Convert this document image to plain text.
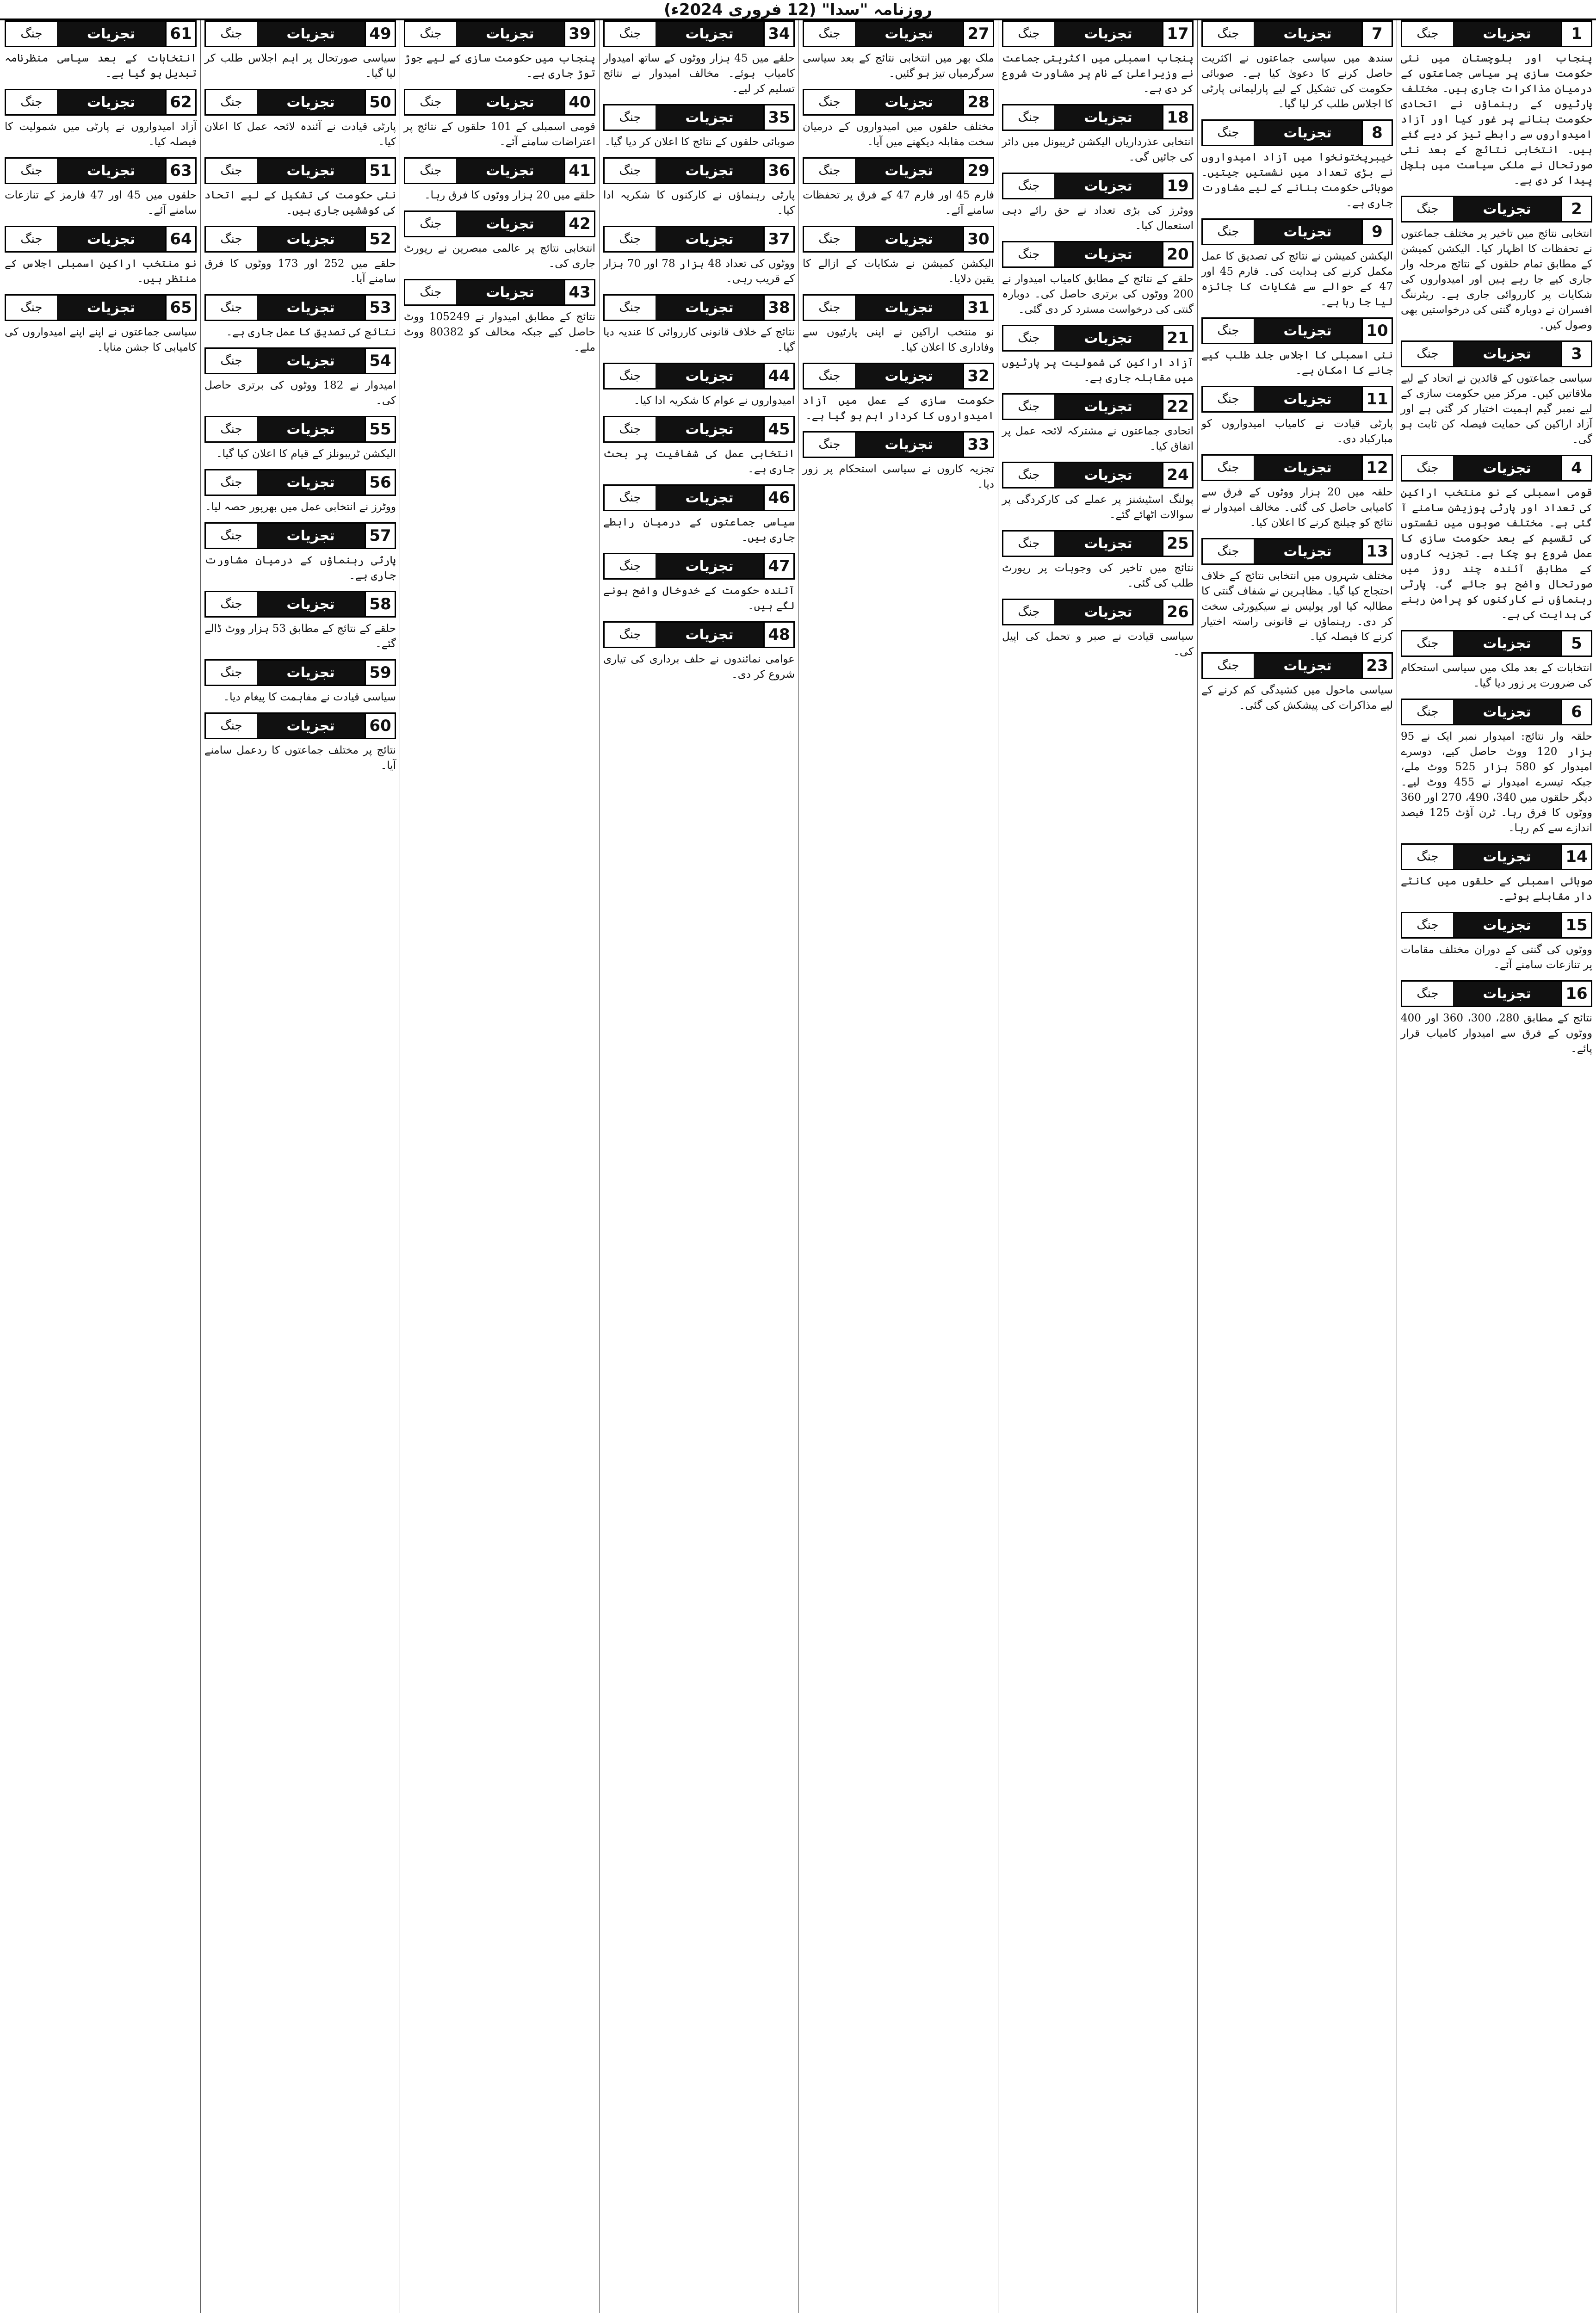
روزنامہ "سدا" (12 فروری 2024ء)
1
تجزیات
جنگ

پنجاب اور بلوچستان میں نئی حکومت سازی پر سیاسی جماعتوں کے درمیان مذاکرات جاری ہیں۔ مختلف پارٹیوں کے رہنماؤں نے اتحادی حکومت بنانے پر غور کیا اور آزاد امیدواروں سے رابطے تیز کر دیے گئے ہیں۔ انتخابی نتائج کے بعد نئی صورتحال نے ملکی سیاست میں ہلچل پیدا کر دی ہے۔

2
تجزیات
جنگ

انتخابی نتائج میں تاخیر پر مختلف جماعتوں نے تحفظات کا اظہار کیا۔ الیکشن کمیشن کے مطابق تمام حلقوں کے نتائج مرحلہ وار جاری کیے جا رہے ہیں اور امیدواروں کی شکایات پر کارروائی جاری ہے۔ ریٹرننگ افسران نے دوبارہ گنتی کی درخواستیں بھی وصول کیں۔

3
تجزیات
جنگ

سیاسی جماعتوں کے قائدین نے اتحاد کے لیے ملاقاتیں کیں۔ مرکز میں حکومت سازی کے لیے نمبر گیم اہمیت اختیار کر گئی ہے اور آزاد اراکین کی حمایت فیصلہ کن ثابت ہو گی۔

4
تجزیات
جنگ

قومی اسمبلی کے نو منتخب اراکین کی تعداد اور پارٹی پوزیشن سامنے آ گئی ہے۔ مختلف صوبوں میں نشستوں کی تقسیم کے بعد حکومت سازی کا عمل شروع ہو چکا ہے۔ تجزیہ کاروں کے مطابق آئندہ چند روز میں صورتحال واضح ہو جائے گی۔ پارٹی رہنماؤں نے کارکنوں کو پرامن رہنے کی ہدایت کی ہے۔

5
تجزیات
جنگ

انتخابات کے بعد ملک میں سیاسی استحکام کی ضرورت پر زور دیا گیا۔

6
تجزیات
جنگ

حلقہ وار نتائج: امیدوار نمبر ایک نے 95 ہزار 120 ووٹ حاصل کیے، دوسرے امیدوار کو 580 ہزار 525 ووٹ ملے، جبکہ تیسرے امیدوار نے 455 ووٹ لیے۔ دیگر حلقوں میں 340، 490، 270 اور 360 ووٹوں کا فرق رہا۔ ٹرن آؤٹ 125 فیصد اندازے سے کم رہا۔

14
تجزیات
جنگ

صوبائی اسمبلی کے حلقوں میں کانٹے دار مقابلے ہوئے۔

15
تجزیات
جنگ

ووٹوں کی گنتی کے دوران مختلف مقامات پر تنازعات سامنے آئے۔

16
تجزیات
جنگ

نتائج کے مطابق 280، 300، 360 اور 400 ووٹوں کے فرق سے امیدوار کامیاب قرار پائے۔

7
تجزیات
جنگ

سندھ میں سیاسی جماعتوں نے اکثریت حاصل کرنے کا دعویٰ کیا ہے۔ صوبائی حکومت کی تشکیل کے لیے پارلیمانی پارٹی کا اجلاس طلب کر لیا گیا۔

8
تجزیات
جنگ

خیبرپختونخوا میں آزاد امیدواروں نے بڑی تعداد میں نشستیں جیتیں۔ صوبائی حکومت بنانے کے لیے مشاورت جاری ہے۔

9
تجزیات
جنگ

الیکشن کمیشن نے نتائج کی تصدیق کا عمل مکمل کرنے کی ہدایت کی۔ فارم 45 اور 47 کے حوالے سے شکایات کا جائزہ لیا جا رہا ہے۔

10
تجزیات
جنگ

نئی اسمبلی کا اجلاس جلد طلب کیے جانے کا امکان ہے۔

11
تجزیات
جنگ

پارٹی قیادت نے کامیاب امیدواروں کو مبارکباد دی۔

12
تجزیات
جنگ

حلقہ میں 20 ہزار ووٹوں کے فرق سے کامیابی حاصل کی گئی۔ مخالف امیدوار نے نتائج کو چیلنج کرنے کا اعلان کیا۔

13
تجزیات
جنگ

مختلف شہروں میں انتخابی نتائج کے خلاف احتجاج کیا گیا۔ مظاہرین نے شفاف گنتی کا مطالبہ کیا اور پولیس نے سیکیورٹی سخت کر دی۔ رہنماؤں نے قانونی راستہ اختیار کرنے کا فیصلہ کیا۔

23
تجزیات
جنگ

سیاسی ماحول میں کشیدگی کم کرنے کے لیے مذاکرات کی پیشکش کی گئی۔

17
تجزیات
جنگ

پنجاب اسمبلی میں اکثریتی جماعت نے وزیراعلیٰ کے نام پر مشاورت شروع کر دی ہے۔

18
تجزیات
جنگ

انتخابی عذرداریاں الیکشن ٹریبونل میں دائر کی جائیں گی۔

19
تجزیات
جنگ

ووٹرز کی بڑی تعداد نے حق رائے دہی استعمال کیا۔

20
تجزیات
جنگ

حلقے کے نتائج کے مطابق کامیاب امیدوار نے 200 ووٹوں کی برتری حاصل کی۔ دوبارہ گنتی کی درخواست مسترد کر دی گئی۔

21
تجزیات
جنگ

آزاد اراکین کی شمولیت پر پارٹیوں میں مقابلہ جاری ہے۔

22
تجزیات
جنگ

اتحادی جماعتوں نے مشترکہ لائحہ عمل پر اتفاق کیا۔

24
تجزیات
جنگ

پولنگ اسٹیشنز پر عملے کی کارکردگی پر سوالات اٹھائے گئے۔

25
تجزیات
جنگ

نتائج میں تاخیر کی وجوہات پر رپورٹ طلب کی گئی۔

26
تجزیات
جنگ

سیاسی قیادت نے صبر و تحمل کی اپیل کی۔

27
تجزیات
جنگ

ملک بھر میں انتخابی نتائج کے بعد سیاسی سرگرمیاں تیز ہو گئیں۔

28
تجزیات
جنگ

مختلف حلقوں میں امیدواروں کے درمیان سخت مقابلہ دیکھنے میں آیا۔

29
تجزیات
جنگ

فارم 45 اور فارم 47 کے فرق پر تحفظات سامنے آئے۔

30
تجزیات
جنگ

الیکشن کمیشن نے شکایات کے ازالے کا یقین دلایا۔

31
تجزیات
جنگ

نو منتخب اراکین نے اپنی پارٹیوں سے وفاداری کا اعلان کیا۔

32
تجزیات
جنگ

حکومت سازی کے عمل میں آزاد امیدواروں کا کردار اہم ہو گیا ہے۔

33
تجزیات
جنگ

تجزیہ کاروں نے سیاسی استحکام پر زور دیا۔

34
تجزیات
جنگ

حلقے میں 45 ہزار ووٹوں کے ساتھ امیدوار کامیاب ہوئے۔ مخالف امیدوار نے نتائج تسلیم کر لیے۔

35
تجزیات
جنگ

صوبائی حلقوں کے نتائج کا اعلان کر دیا گیا۔

36
تجزیات
جنگ

پارٹی رہنماؤں نے کارکنوں کا شکریہ ادا کیا۔

37
تجزیات
جنگ

ووٹوں کی تعداد 48 ہزار 78 اور 70 ہزار کے قریب رہی۔

38
تجزیات
جنگ

نتائج کے خلاف قانونی کارروائی کا عندیہ دیا گیا۔

44
تجزیات
جنگ

امیدواروں نے عوام کا شکریہ ادا کیا۔

45
تجزیات
جنگ

انتخابی عمل کی شفافیت پر بحث جاری ہے۔

46
تجزیات
جنگ

سیاسی جماعتوں کے درمیان رابطے جاری ہیں۔

47
تجزیات
جنگ

آئندہ حکومت کے خدوخال واضح ہونے لگے ہیں۔

48
تجزیات
جنگ

عوامی نمائندوں نے حلف برداری کی تیاری شروع کر دی۔

39
تجزیات
جنگ

پنجاب میں حکومت سازی کے لیے جوڑ توڑ جاری ہے۔

40
تجزیات
جنگ

قومی اسمبلی کے 101 حلقوں کے نتائج پر اعتراضات سامنے آئے۔

41
تجزیات
جنگ

حلقے میں 20 ہزار ووٹوں کا فرق رہا۔

42
تجزیات
جنگ

انتخابی نتائج پر عالمی مبصرین نے رپورٹ جاری کی۔

43
تجزیات
جنگ

نتائج کے مطابق امیدوار نے 105249 ووٹ حاصل کیے جبکہ مخالف کو 80382 ووٹ ملے۔

49
تجزیات
جنگ

سیاسی صورتحال پر اہم اجلاس طلب کر لیا گیا۔

50
تجزیات
جنگ

پارٹی قیادت نے آئندہ لائحہ عمل کا اعلان کیا۔

51
تجزیات
جنگ

نئی حکومت کی تشکیل کے لیے اتحاد کی کوششیں جاری ہیں۔

52
تجزیات
جنگ

حلقے میں 252 اور 173 ووٹوں کا فرق سامنے آیا۔

53
تجزیات
جنگ

نتائج کی تصدیق کا عمل جاری ہے۔

54
تجزیات
جنگ

امیدوار نے 182 ووٹوں کی برتری حاصل کی۔

55
تجزیات
جنگ

الیکشن ٹریبونلز کے قیام کا اعلان کیا گیا۔

56
تجزیات
جنگ

ووٹرز نے انتخابی عمل میں بھرپور حصہ لیا۔

57
تجزیات
جنگ

پارٹی رہنماؤں کے درمیان مشاورت جاری ہے۔

58
تجزیات
جنگ

حلقے کے نتائج کے مطابق 53 ہزار ووٹ ڈالے گئے۔

59
تجزیات
جنگ

سیاسی قیادت نے مفاہمت کا پیغام دیا۔

60
تجزیات
جنگ

نتائج پر مختلف جماعتوں کا ردعمل سامنے آیا۔

61
تجزیات
جنگ

انتخابات کے بعد سیاسی منظرنامہ تبدیل ہو گیا ہے۔

62
تجزیات
جنگ

آزاد امیدواروں نے پارٹی میں شمولیت کا فیصلہ کیا۔

63
تجزیات
جنگ

حلقوں میں 45 اور 47 فارمز کے تنازعات سامنے آئے۔

64
تجزیات
جنگ

نو منتخب اراکین اسمبلی اجلاس کے منتظر ہیں۔

65
تجزیات
جنگ

سیاسی جماعتوں نے اپنے اپنے امیدواروں کی کامیابی کا جشن منایا۔
